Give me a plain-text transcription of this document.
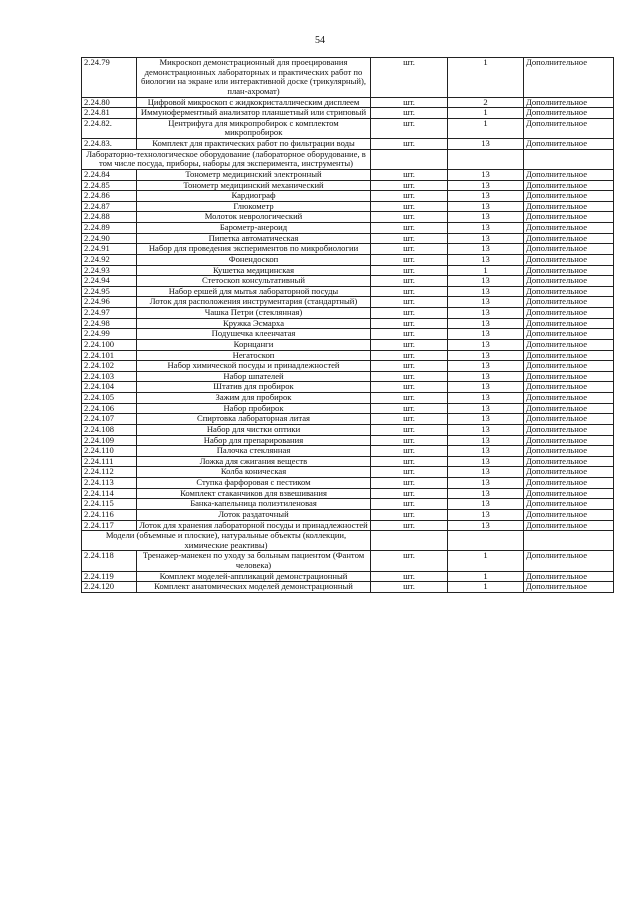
54
2.24.79	Микроскоп демонстрационный для проецирования демонстрационных лабораторных и практических работ по биологии на экране или интерактивной доске (трикулярный), план-ахромат)	шт.	1	Дополнительное
2.24.80	Цифровой микроскоп с жидкокристаллическим дисплеем	шт.	2	Дополнительное
2.24.81	Иммуноферментный анализатор планшетный или стриповый	шт.	1	Дополнительное
2.24.82.	Центрифуга для микропробирок с комплектом микропробирок	шт.	1	Дополнительное
2.24.83.	Комплект для практических работ по фильтрации воды	шт.	13	Дополнительное
Лабораторно-технологическое оборудование (лабораторное оборудование, в том числе посуда, приборы, наборы для эксперимента, инструменты)				
2.24.84	Тонометр медицинский электронный	шт.	13	Дополнительное
2.24.85	Тонометр медицинский механический	шт.	13	Дополнительное
2.24.86	Кардиограф	шт.	13	Дополнительное
2.24.87	Глюкометр	шт.	13	Дополнительное
2.24.88	Молоток неврологический	шт.	13	Дополнительное
2.24.89	Барометр-анероид	шт.	13	Дополнительное
2.24.90	Пипетка автоматическая	шт.	13	Дополнительное
2.24.91	Набор для проведения экспериментов по микробиологии	шт.	13	Дополнительное
2.24.92	Фонендоскоп	шт.	13	Дополнительное
2.24.93	Кушетка медицинская	шт.	1	Дополнительное
2.24.94	Стетоскоп консультативный	шт.	13	Дополнительное
2.24.95	Набор ершей для мытья лабораторной посуды	шт.	13	Дополнительное
2.24.96	Лоток для расположения инструментария (стандартный)	шт.	13	Дополнительное
2.24.97	Чашка Петри (стеклянная)	шт.	13	Дополнительное
2.24.98	Кружка Эсмарха	шт.	13	Дополнительное
2.24.99	Подушечка клеенчатая	шт.	13	Дополнительное
2.24.100	Корнцанги	шт.	13	Дополнительное
2.24.101	Негатоскоп	шт.	13	Дополнительное
2.24.102	Набор химической посуды и принадлежностей	шт.	13	Дополнительное
2.24.103	Набор шпателей	шт.	13	Дополнительное
2.24.104	Штатив для пробирок	шт.	13	Дополнительное
2.24.105	Зажим для пробирок	шт.	13	Дополнительное
2.24.106	Набор пробирок	шт.	13	Дополнительное
2.24.107	Спиртовка лабораторная литая	шт.	13	Дополнительное
2.24.108	Набор для чистки оптики	шт.	13	Дополнительное
2.24.109	Набор для препарирования	шт.	13	Дополнительное
2.24.110	Палочка стеклянная	шт.	13	Дополнительное
2.24.111	Ложка для сжигания веществ	шт.	13	Дополнительное
2.24.112	Колба коническая	шт.	13	Дополнительное
2.24.113	Ступка фарфоровая с пестиком	шт.	13	Дополнительное
2.24.114	Комплект стаканчиков для взвешивания	шт.	13	Дополнительное
2.24.115	Банка-капельница полиэтиленовая	шт.	13	Дополнительное
2.24.116	Лоток раздаточный	шт.	13	Дополнительное
2.24.117	Лоток для хранения лабораторной посуды и принадлежностей	шт.	13	Дополнительное
Модели (объемные и плоские), натуральные объекты (коллекции, химические реактивы)				
2.24.118	Тренажер-манекен по уходу за больным пациентом (Фантом человека)	шт.	1	Дополнительное
2.24.119	Комплект моделей-аппликаций демонстрационный	шт.	1	Дополнительное
2.24.120	Комплект анатомических моделей демонстрационный	шт.	1	Дополнительное
